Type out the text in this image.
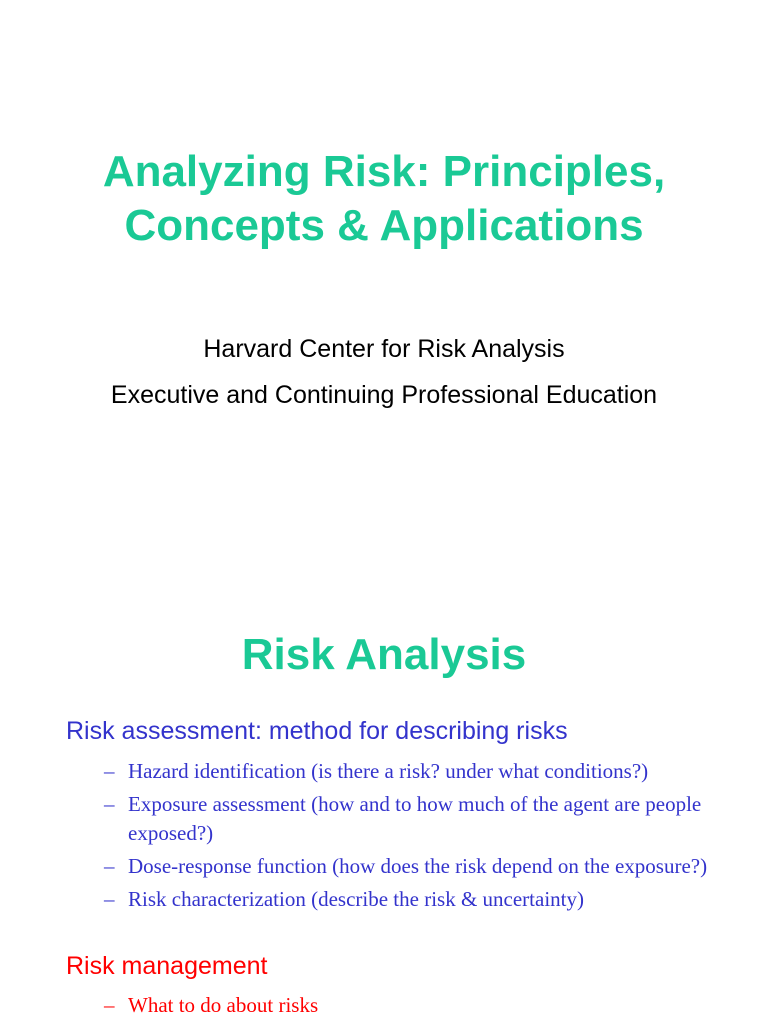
Analyzing Risk: Principles,
Concepts & Applications

Harvard Center for Risk Analysis

Executive and Continuing Professional Education

Risk Analysis

Risk assessment: method for describing risks

– Hazard identification (is there a risk? under what conditions?)
– Exposure assessment (how and to how much of the agent are people exposed?)
– Dose-response function (how does the risk depend on the exposure?)
– Risk characterization (describe the risk & uncertainty)

Risk management

– What to do about risks
